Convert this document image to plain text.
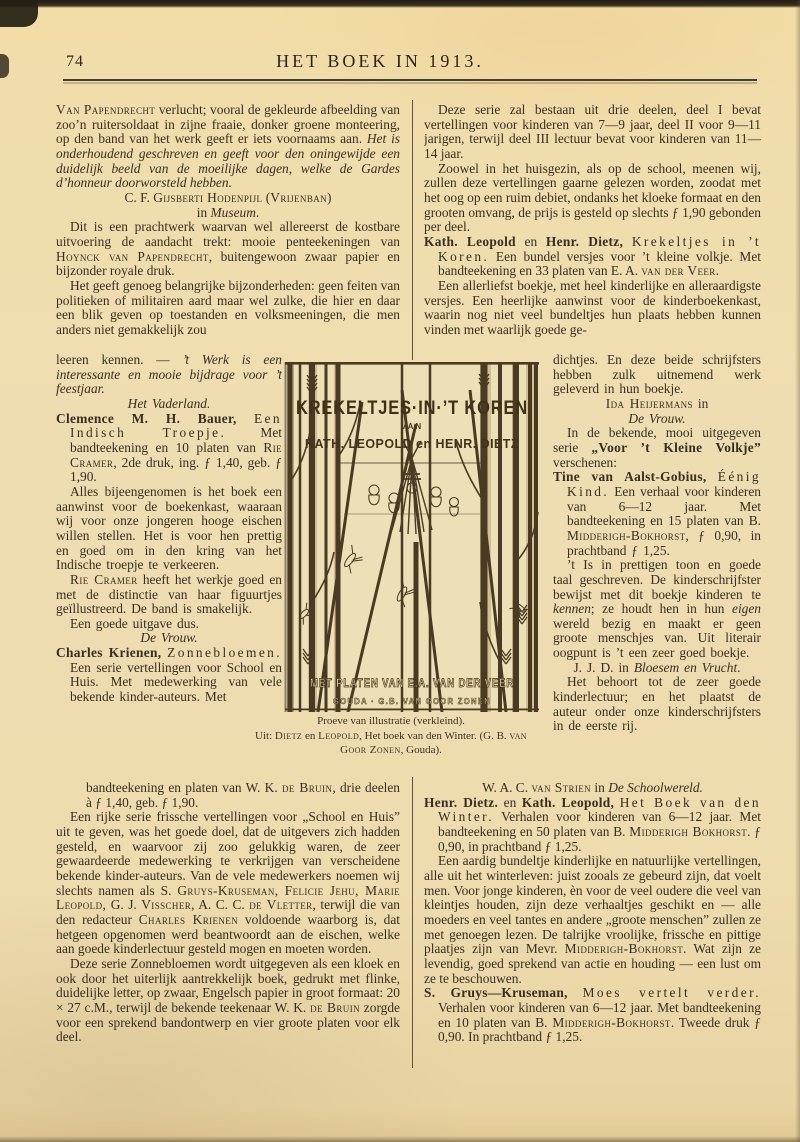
74	HET BOEK IN 1913.
Van Papendrecht verlucht; vooral de gekleurde afbeelding van zoo’n ruitersoldaat in zijne fraaie, donker groene monteering, op den band van het werk geeft er iets voornaams aan. Het is onderhoudend geschreven en geeft voor den oningewijde een duidelijk beeld van de moeilijke dagen, welke de Gardes d’honneur doorworsteld hebben.
C. F. Gijsberti Hodenpijl (Vrijenban)
in Museum.
Dit is een prachtwerk waarvan wel allereerst de kostbare uitvoering de aandacht trekt: mooie penteekeningen van Hoynck van Papendrecht, buitengewoon zwaar papier en bijzonder royale druk.
Het geeft genoeg belangrijke bijzonderheden: geen feiten van politieken of militairen aard maar wel zulke, die hier en daar een blik geven op toestanden en volksmeeningen, die men anders niet gemakkelijk zou
leeren kennen. — ’t Werk is een interessante en mooie bijdrage voor ’t feestjaar.
Het Vaderland.
Clemence M. H. Bauer, Een Indisch Troepje. Met bandteekening en 10 platen van Rie Cramer, 2de druk, ing. ƒ 1,40, geb. ƒ 1,90.
Alles bijeengenomen is het boek een aanwinst voor de boekenkast, waaraan wij voor onze jongeren hooge eischen willen stellen. Het is voor hen prettig en goed om in den kring van het Indische troepje te verkeeren.
Rie Cramer heeft het werkje goed en met de distinctie van haar figuurtjes geïllustreerd. De band is smakelijk.
Een goede uitgave dus.
De Vrouw.
Charles Krienen, Zonnebloemen. Een serie vertellingen voor School en Huis. Met medewerking van vele bekende kinder-auteurs. Met
bandteekening en platen van W. K. de Bruin, drie deelen à ƒ 1,40, geb. ƒ 1,90.
Een rijke serie frissche vertellingen voor „School en Huis” uit te geven, was het goede doel, dat de uitgevers zich hadden gesteld, en waarvoor zij zoo gelukkig waren, de zeer gewaardeerde medewerking te verkrijgen van verscheidene bekende kinder-auteurs. Van de vele medewerkers noemen wij slechts namen als S. Gruys-Kruseman, Felicie Jehu, Marie Leopold, G. J. Visscher, A. C. C. de Vletter, terwijl die van den redacteur Charles Krienen voldoende waarborg is, dat hetgeen opgenomen werd beantwoordt aan de eischen, welke aan goede kinderlectuur gesteld mogen en moeten worden.
Deze serie Zonnebloemen wordt uitgegeven als een kloek en ook door het uiterlijk aantrekkelijk boek, gedrukt met flinke, duidelijke letter, op zwaar, Engelsch papier in groot formaat: 20 × 27 c.M., terwijl de bekende teekenaar W. K. de Bruin zorgde voor een sprekend bandontwerp en vier groote platen voor elk deel.
Deze serie zal bestaan uit drie deelen, deel I bevat vertellingen voor kinderen van 7—9 jaar, deel II voor 9—11 jarigen, terwijl deel III lectuur bevat voor kinderen van 11—14 jaar.
Zoowel in het huisgezin, als op de school, meenen wij, zullen deze vertellingen gaarne gelezen worden, zoodat met het oog op een ruim debiet, ondanks het kloeke formaat en den grooten omvang, de prijs is gesteld op slechts ƒ 1,90 gebonden per deel.
Kath. Leopold en Henr. Dietz, Krekeltjes in ’t Koren. Een bundel versjes voor ’t kleine volkje. Met bandteekening en 33 platen van E. A. van der Veer.
Een allerliefst boekje, met heel kinderlijke en alleraardigste versjes. Een heerlijke aanwinst voor de kinderboekenkast, waarin nog niet veel bundeltjes hun plaats hebben kunnen vinden met waarlijk goede ge-
dichtjes. En deze beide schrijfsters hebben zulk uitnemend werk geleverd in hun boekje.
Ida Heijermans in
De Vrouw.
In de bekende, mooi uitgegeven serie „Voor ’t Kleine Volkje” verschenen:
Tine van Aalst-Gobius, Éénig Kind. Een verhaal voor kinderen van 6—12 jaar. Met bandteekening en 15 platen van B. Midderigh-Bokhorst, ƒ 0,90, in prachtband ƒ 1,25.
’t Is in prettigen toon en goede taal geschreven. De kinderschrijfster bewijst met dit boekje kinderen te kennen; ze houdt hen in hun eigen wereld bezig en maakt er geen groote menschjes van. Uit literair oogpunt is ’t een zeer goed boekje.
J. J. D. in Bloesem en Vrucht.
Het behoort tot de zeer goede kinderlectuur; en het plaatst de auteur onder onze kinderschrijfsters in de eerste rij.
W. A. C. van Strien in De Schoolwereld.
Henr. Dietz. en Kath. Leopold, Het Boek van den Winter. Verhalen voor kinderen van 6—12 jaar. Met bandteekening en 50 platen van B. Midderigh Bokhorst. ƒ 0,90, in prachtband ƒ 1,25.
Een aardig bundeltje kinderlijke en natuurlijke vertellingen, alle uit het winterleven: juist zooals ze gebeurd zijn, dat voelt men. Voor jonge kinderen, èn voor de veel oudere die veel van kleintjes houden, zijn deze verhaaltjes geschikt en — alle moeders en veel tantes en andere „groote menschen” zullen ze met genoegen lezen. De talrijke vroolijke, frissche en pittige plaatjes zijn van Mevr. Midderigh-Bokhorst. Wat zijn ze levendig, goed sprekend van actie en houding — een lust om ze te beschouwen.
S. Gruys—Kruseman, Moes vertelt verder. Verhalen voor kinderen van 6—12 jaar. Met bandteekening en 10 platen van B. Midderigh-Bokhorst. Tweede druk ƒ 0,90. In prachtband ƒ 1,25.
KREKELTJES·IN·’T KOREN
VAN
KATH. LEOPOLD en HENR. DIETZ
MET PLATEN VAN E.A. VAN DER VEER
GOUDA · G.B. VAN GOOR ZONEN
Proeve van illustratie (verkleind).
Uit: Dietz en Leopold, Het boek van den Winter. (G. B. van Goor Zonen, Gouda).
